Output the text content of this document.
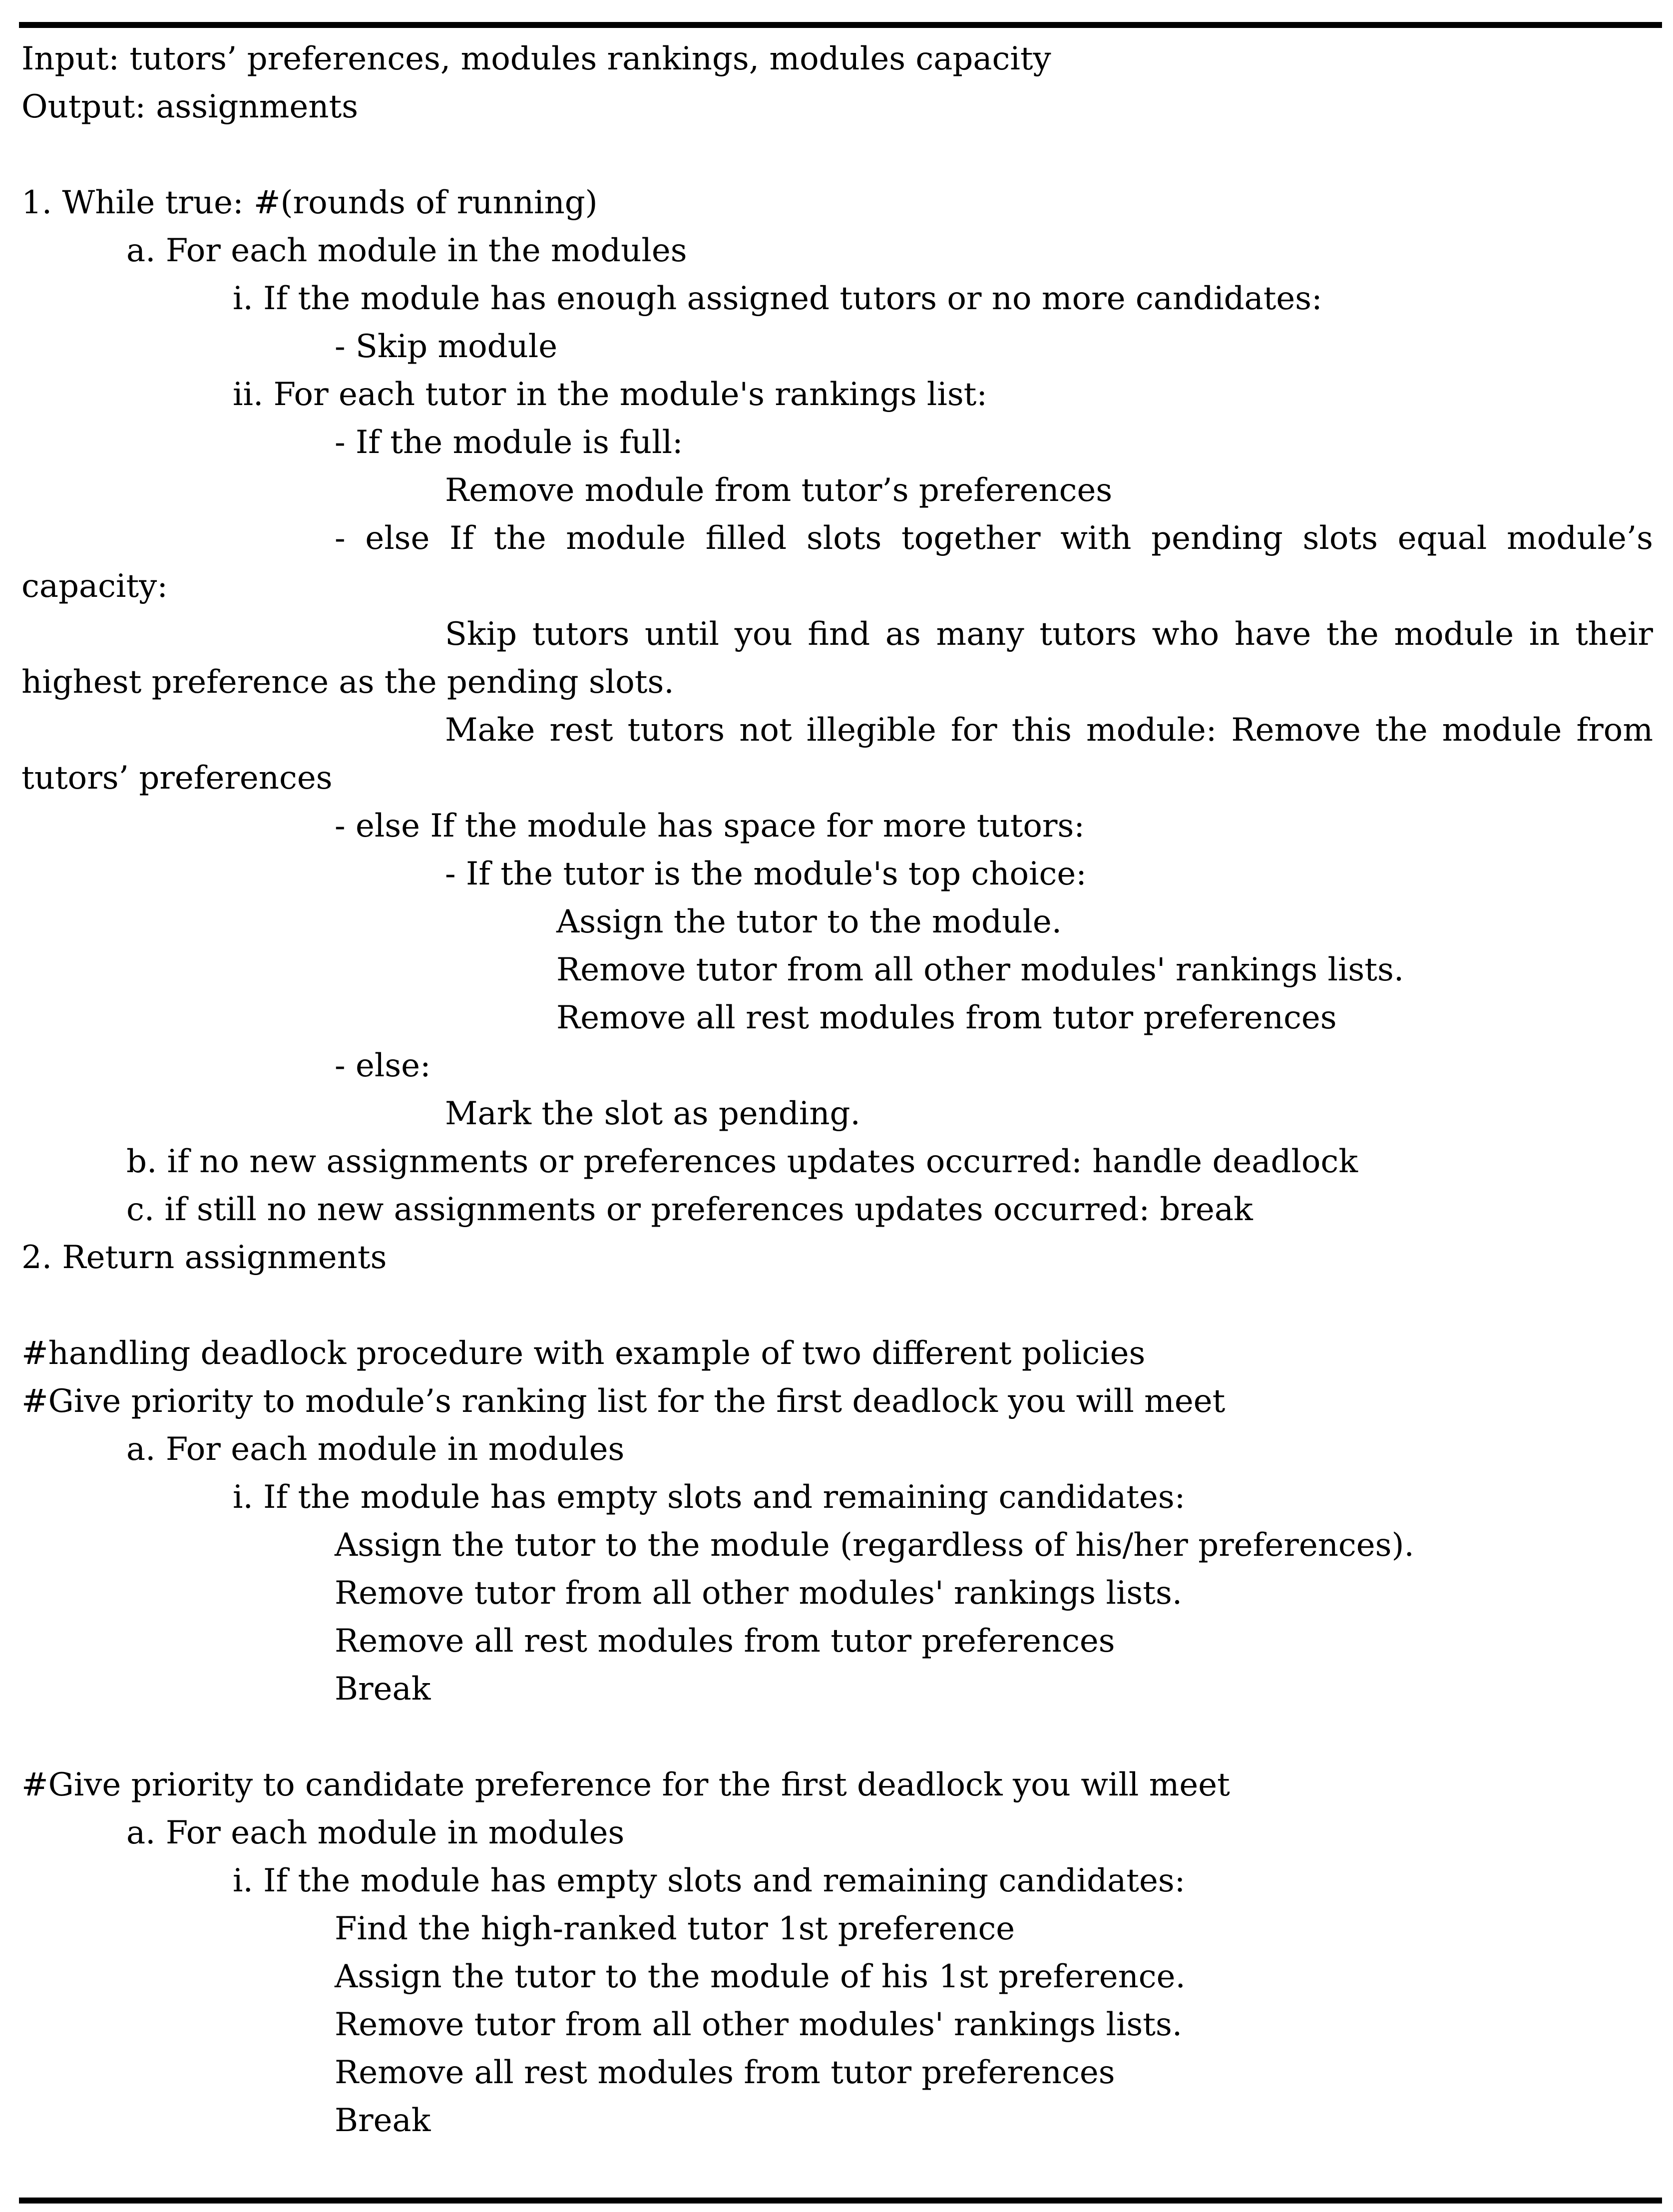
Input: tutors’ preferences, modules rankings, modules capacity
Output: assignments
1. While true: #(rounds of running)
a. For each module in the modules
i. If the module has enough assigned tutors or no more candidates:
- Skip module
ii. For each tutor in the module's rankings list:
- If the module is full:
Remove module from tutor’s preferences
- else If the module filled slots together with pending slots equal module’s
capacity:
Skip tutors until you find as many tutors who have the module in their
highest preference as the pending slots.
Make rest tutors not illegible for this module: Remove the module from
tutors’ preferences
- else If the module has space for more tutors:
- If the tutor is the module's top choice:
Assign the tutor to the module.
Remove tutor from all other modules' rankings lists.
Remove all rest modules from tutor preferences
- else:
Mark the slot as pending.
b. if no new assignments or preferences updates occurred: handle deadlock
c. if still no new assignments or preferences updates occurred: break
2. Return assignments
#handling deadlock procedure with example of two different policies
#Give priority to module’s ranking list for the first deadlock you will meet
a. For each module in modules
i. If the module has empty slots and remaining candidates:
Assign the tutor to the module (regardless of his/her preferences).
Remove tutor from all other modules' rankings lists.
Remove all rest modules from tutor preferences
Break
#Give priority to candidate preference for the first deadlock you will meet
a. For each module in modules
i. If the module has empty slots and remaining candidates:
Find the high-ranked tutor 1st preference
Assign the tutor to the module of his 1st preference.
Remove tutor from all other modules' rankings lists.
Remove all rest modules from tutor preferences
Break
